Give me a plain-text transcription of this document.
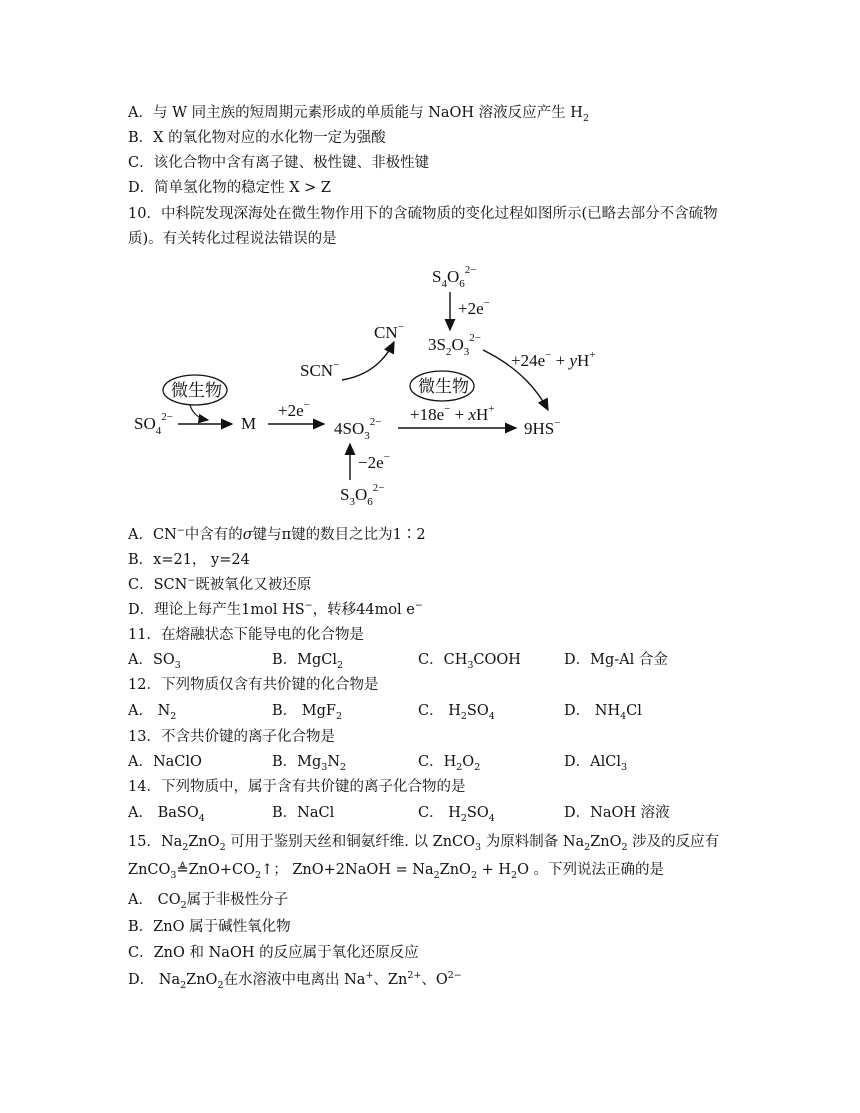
A．与 W 同主族的短周期元素形成的单质能与 NaOH 溶液反应产生 $H_2$
B．X 的氧化物对应的水化物一定为强酸
C．该化合物中含有离子键、极性键、非极性键
D．简单氢化物的稳定性 X > Z
10．中科院发现深海处在微生物作用下的含硫物质的变化过程如图所示(已略去部分不含硫物
质)。有关转化过程说法错误的是
$S_4O_6^{2-}$
+2e−
CN−
$3S_2O_3^{2-}$
+24e− + yH+
SCN−
微生物	微生物
$SO_4^{2-}$	M
+2e−
$4SO_3^{2-} +18e^- + xH^+$
9HS−
−2e−
$S_3O_6^{2-}$
A．CN−中含有的σ键与π键的数目之比为1∶2
B．x=21， y=24
C．SCN−既被氧化又被还原
D．理论上每产生1mol HS−，转移44mol e−
11．在熔融状态下能导电的化合物是
A．$SO_3$	B．MgCl$_2$	C．$CH_3COOH$	D．Mg-Al 合金
12．下列物质仅含有共价键的化合物是
A． $N_2$	B． MgF$_2$	C． $H_2SO_4$	D． $NH_4Cl$
13．不含共价键的离子化合物是
A．NaClO	B．$Mg_3N_2$	C．$H_2O_2$	D．AlCl$_3$
14．下列物质中，属于含有共价键的离子化合物的是
A． BaSO$_4$	B．NaCl	C． $H_2SO_4$	D．NaOH 溶液
15．$Na_2ZnO_2$ 可用于鉴别天丝和铜氨纤维. 以 ZnCO$_3$ 为原料制备 $Na_2ZnO_2$ 涉及的反应有
$ZnCO_3≜ZnO+CO_2↑$； ZnO+2NaOH = $Na_2ZnO_2 + H_2O$ 。下列说法正确的是
A． $CO_2$属于非极性分子
B．ZnO 属于碱性氧化物
C．ZnO 和 NaOH 的反应属于氧化还原反应
D． $Na_2ZnO_2$在水溶液中电离出 Na+、$Zn^{2+}$、$O^{2-}$
